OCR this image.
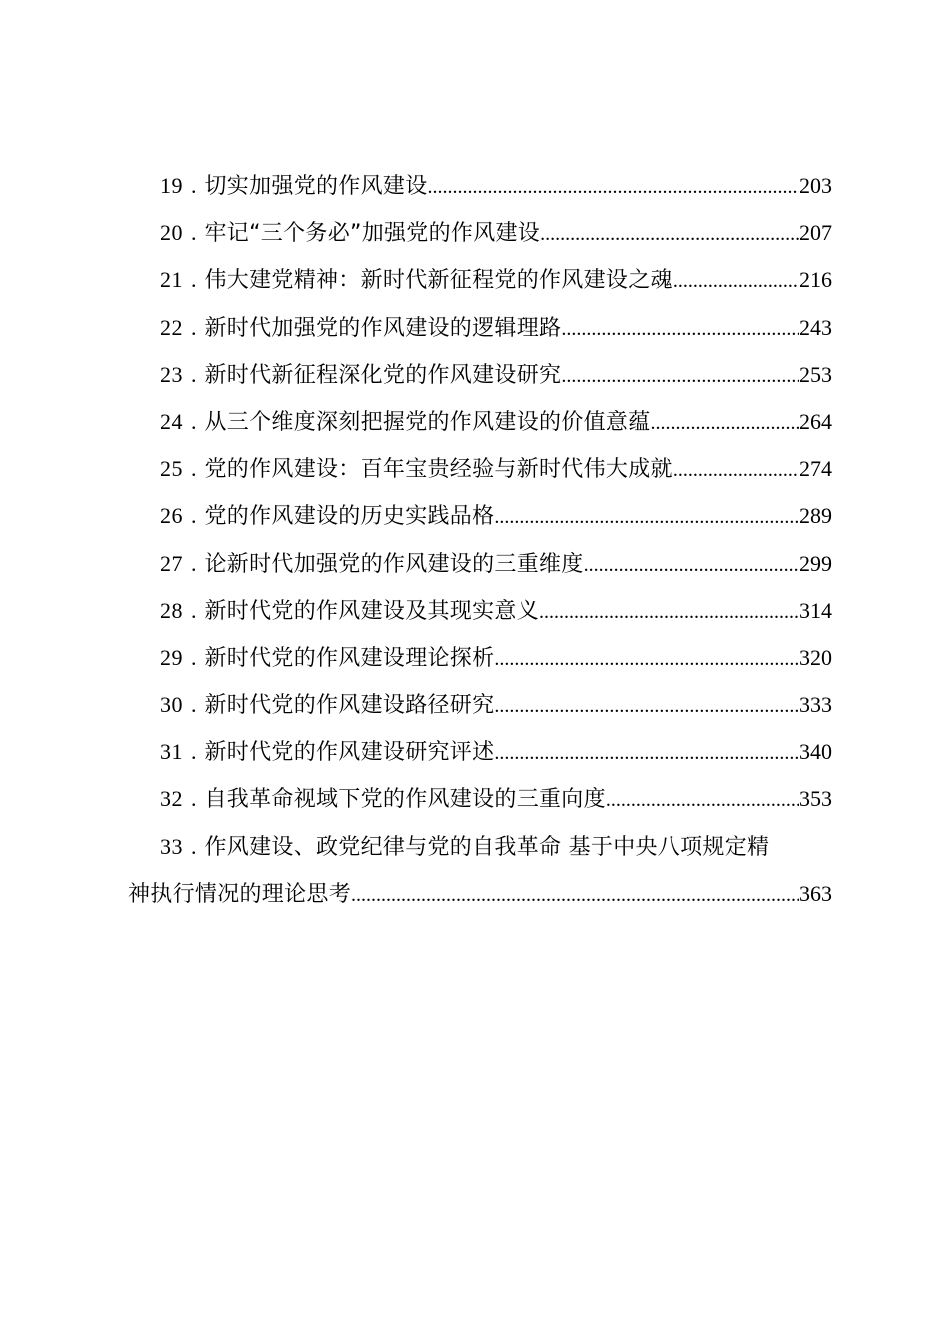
19 . 切实加强党的作风建设 .....	203
20 . 牢记“三个务必”加强党的作风建设 .....	207
21 . 伟大建党精神：新时代新征程党的作风建设之魂 .....	216
22 . 新时代加强党的作风建设的逻辑理路 .....	243
23 . 新时代新征程深化党的作风建设研究 .....	253
24 . 从三个维度深刻把握党的作风建设的价值意蕴 .....	264
25 . 党的作风建设：百年宝贵经验与新时代伟大成就 .....	274
26 . 党的作风建设的历史实践品格 .....	289
27 . 论新时代加强党的作风建设的三重维度 .....	299
28 . 新时代党的作风建设及其现实意义 .....	314
29 . 新时代党的作风建设理论探析 .....	320
30 . 新时代党的作风建设路径研究 .....	333
31 . 新时代党的作风建设研究评述 .....	340
32 . 自我革命视域下党的作风建设的三重向度 .....	353
33 . 作风建设、政党纪律与党的自我革命 基于中央八项规定精
神执行情况的理论思考 .....	363
